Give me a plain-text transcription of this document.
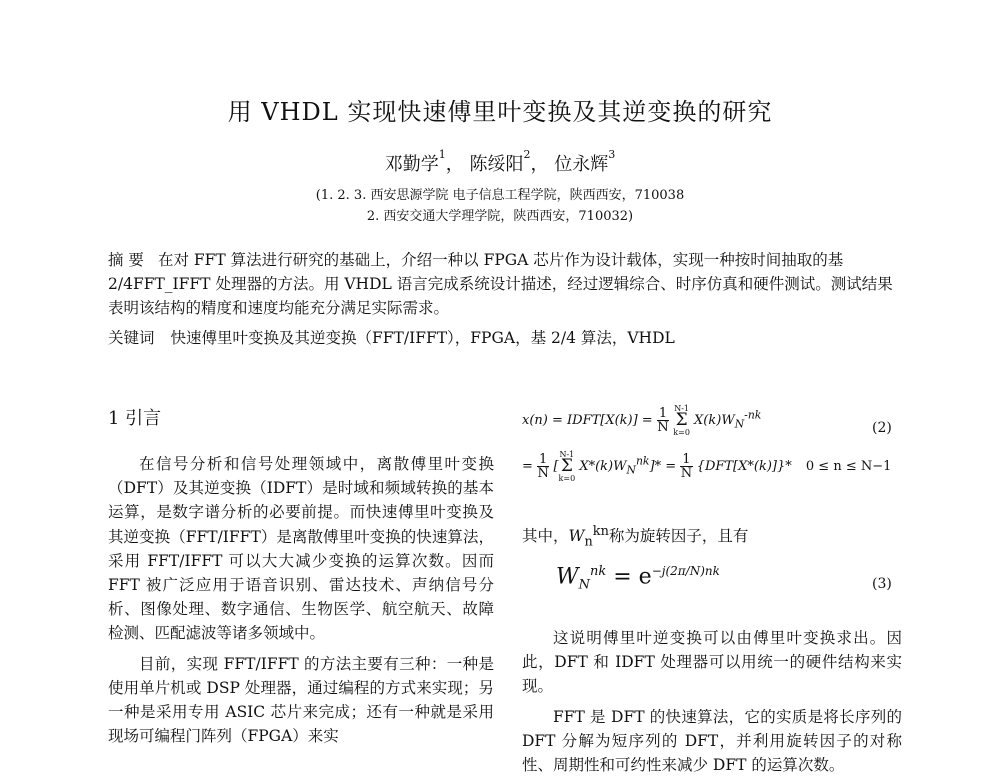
用 VHDL 实现快速傅里叶变换及其逆变换的研究
邓勤学$^1$， 陈绥阳$^2$， 位永辉$^3$
(1. 2. 3. 西安思源学院 电子信息工程学院，陕西西安，710038
2. 西安交通大学理学院，陕西西安，710032)
摘 要 在对 FFT 算法进行研究的基础上，介绍一种以 FPGA 芯片作为设计载体，实现一种按时间抽取的基 2/4FFT_IFFT 处理器的方法。用 VHDL 语言完成系统设计描述，经过逻辑综合、时序仿真和硬件测试。测试结果表明该结构的精度和速度均能充分满足实际需求。
关键词 快速傅里叶变换及其逆变换（FFT/IFFT），FPGA，基 2/4 算法，VHDL
1 引言

在信号分析和信号处理领域中，离散傅里叶变换（DFT）及其逆变换（IDFT）是时域和频域转换的基本运算，是数字谱分析的必要前提。而快速傅里叶变换及其逆变换（FFT/IFFT）是离散傅里叶变换的快速算法，采用 FFT/IFFT 可以大大减少变换的运算次数。因而 FFT 被广泛应用于语音识别、雷达技术、声纳信号分析、图像处理、数字通信、生物医学、航空航天、故障检测、匹配滤波等诸多领域中。

目前，实现 FFT/IFFT 的方法主要有三种：一种是使用单片机或 DSP 处理器，通过编程的方式来实现；另一种是采用专用 ASIC 芯片来完成；还有一种就是采用现场可编程门阵列（FPGA）来实

x(n) = IDFT[X(k)] = $\frac{1}{N}$
N-1
Σ
k=0
$X(k)W_N^{-nk}$
(2)
= $\frac{1}{N}$ [
N-1
Σ
k=0
$X*(k)W_N^{nk}]* = \frac{1}{N} \{DFT[X*(k)]\}*$ 0 ≤ n ≤ N−1
其中，$W_n^{kn}$称为旋转因子，且有
$W_N^{nk} = e^{-j(2\pi/N)nk}$
(3)

这说明傅里叶逆变换可以由傅里叶变换求出。因此，DFT 和 IDFT 处理器可以用统一的硬件结构来实现。

FFT 是 DFT 的快速算法，它的实质是将长序列的 DFT 分解为短序列的 DFT，并利用旋转因子的对称性、周期性和可约性来减少 DFT 的运算次数。
